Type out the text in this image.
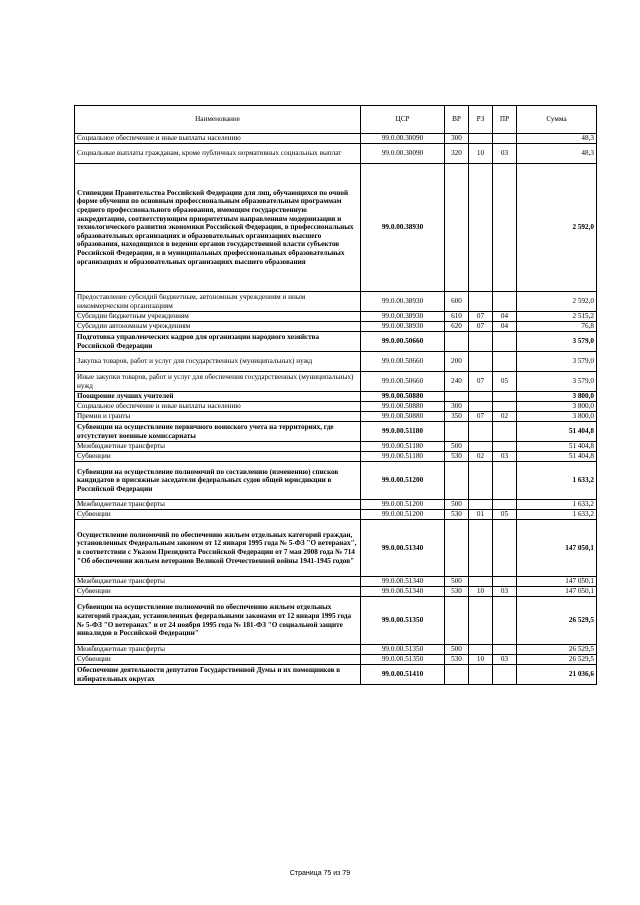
Наименование	ЦСР	ВР	РЗ	ПР	Сумма
Социальное обеспечение и иные выплаты населению	99.0.00.30090	300			48,3
Социальные выплаты гражданам, кроме публичных нормативных социальных выплат	99.0.00.30090	320	10	03	48,3
Стипендии Правительства Российской Федерации для лиц, обучающихся по очной форме обучения по основным профессиональным образовательным программам среднего профессионального образования, имеющим государственную аккредитацию, соответствующим приоритетным направлениям модернизации и технологического развития экономики Российской Федерации, в профессиональных образовательных организациях и образовательных организациях высшего образования, находящихся в ведении органов государственной власти субъектов Российской Федерации, и в муниципальных профессиональных образовательных организациях и образовательных организациях высшего образования	99.0.00.38930				2 592,0
Предоставление субсидий бюджетным, автономным учреждениям и иным некоммерческим организациям	99.0.00.38930	600			2 592,0
Субсидии бюджетным учреждениям	99.0.00.38930	610	07	04	2 515,2
Субсидии автономным учреждениям	99.0.00.38930	620	07	04	76,8
Подготовка управленческих кадров для организации народного хозяйства Российской Федерации	99.0.00.50660				3 579,0
Закупка товаров, работ и услуг для государственных (муниципальных) нужд	99.0.00.50660	200			3 579,0
Иные закупки товаров, работ и услуг для обеспечения государственных (муниципальных) нужд	99.0.00.50660	240	07	05	3 579,0
Поощрение лучших учителей	99.0.00.50880				3 800,0
Социальное обеспечение и иные выплаты населению	99.0.00.50880	300			3 800,0
Премии и гранты	99.0.00.50880	350	07	02	3 800,0
Субвенции на осуществление первичного воинского учета на территориях, где отсутствуют военные комиссариаты	99.0.00.51180				51 404,8
Межбюджетные трансферты	99.0.00.51180	500			51 404,8
Субвенции	99.0.00.51180	530	02	03	51 404,8
Субвенции на осуществление полномочий по составлению (изменению) списков кандидатов в присяжные заседатели федеральных судов общей юрисдикции в Российской Федерации	99.0.00.51200				1 633,2
Межбюджетные трансферты	99.0.00.51200	500			1 633,2
Субвенции	99.0.00.51200	530	01	05	1 633,2
Осуществление полномочий по обеспечению жильем отдельных категорий граждан, установленных Федеральным законом от 12 января 1995 года № 5-ФЗ "О ветеранах", в соответствии с Указом Президента Российской Федерации от 7 мая 2008 года № 714 "Об обеспечении жильем ветеранов Великой Отечественной войны 1941-1945 годов"	99.0.00.51340				147 050,1
Межбюджетные трансферты	99.0.00.51340	500			147 050,1
Субвенции	99.0.00.51340	530	10	03	147 050,1
Субвенции на осуществление полномочий по обеспечению жильем отдельных категорий граждан, установленных федеральными законами от 12 января 1995 года № 5-ФЗ "О ветеранах" и от 24 ноября 1995 года № 181-ФЗ "О социальной защите инвалидов в Российской Федерации"	99.0.00.51350				26 529,5
Межбюджетные трансферты	99.0.00.51350	500			26 529,5
Субвенции	99.0.00.51350	530	10	03	26 529,5
Обеспечение деятельности депутатов Государственной Думы и их помощников в избирательных округах	99.0.00.51410				21 036,6
Страница 75 из 79
